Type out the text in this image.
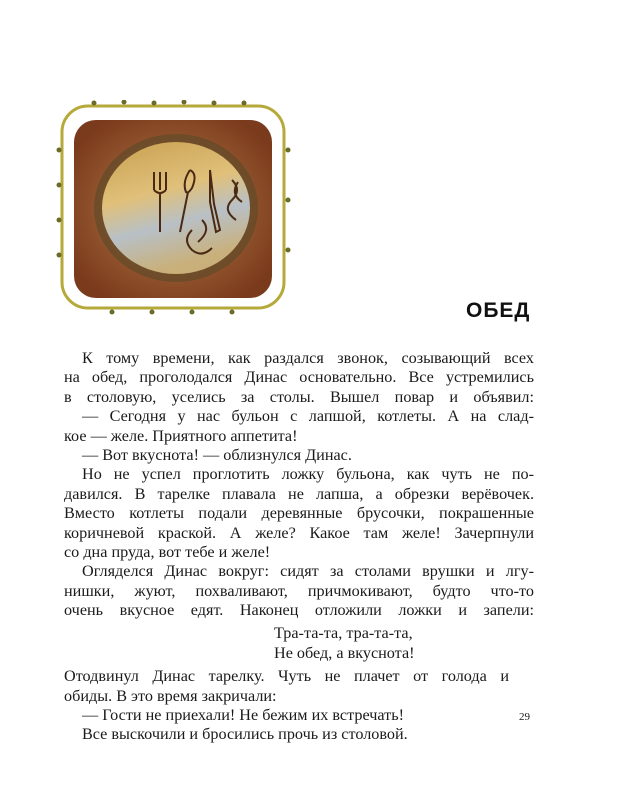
ОБЕД
К тому времени, как раздался звонок, созывающий всех
на обед, проголодался Динас основательно. Все устремились
в столовую, уселись за столы. Вышел повар и объявил:
— Сегодня у нас бульон с лапшой, котлеты. А на слад-
кое — желе. Приятного аппетита!
— Вот вкуснота! — облизнулся Динас.
Но не успел проглотить ложку бульона, как чуть не по-
давился. В тарелке плавала не лапша, а обрезки верёвочек.
Вместо котлеты подали деревянные брусочки, покрашенные
коричневой краской. А желе? Какое там желе! Зачерпнули
со дна пруда, вот тебе и желе!
Огляделся Динас вокруг: сидят за столами врушки и лгу-
нишки, жуют, похваливают, причмокивают, будто что-то
очень вкусное едят. Наконец отложили ложки и запели:
Тра-та-та, тра-та-та,
Не обед, а вкуснота!
Отодвинул Динас тарелку. Чуть не плачет от голода и
обиды. В это время закричали:
— Гости не приехали! Не бежим их встречать!
Все выскочили и бросились прочь из столовой.
29
